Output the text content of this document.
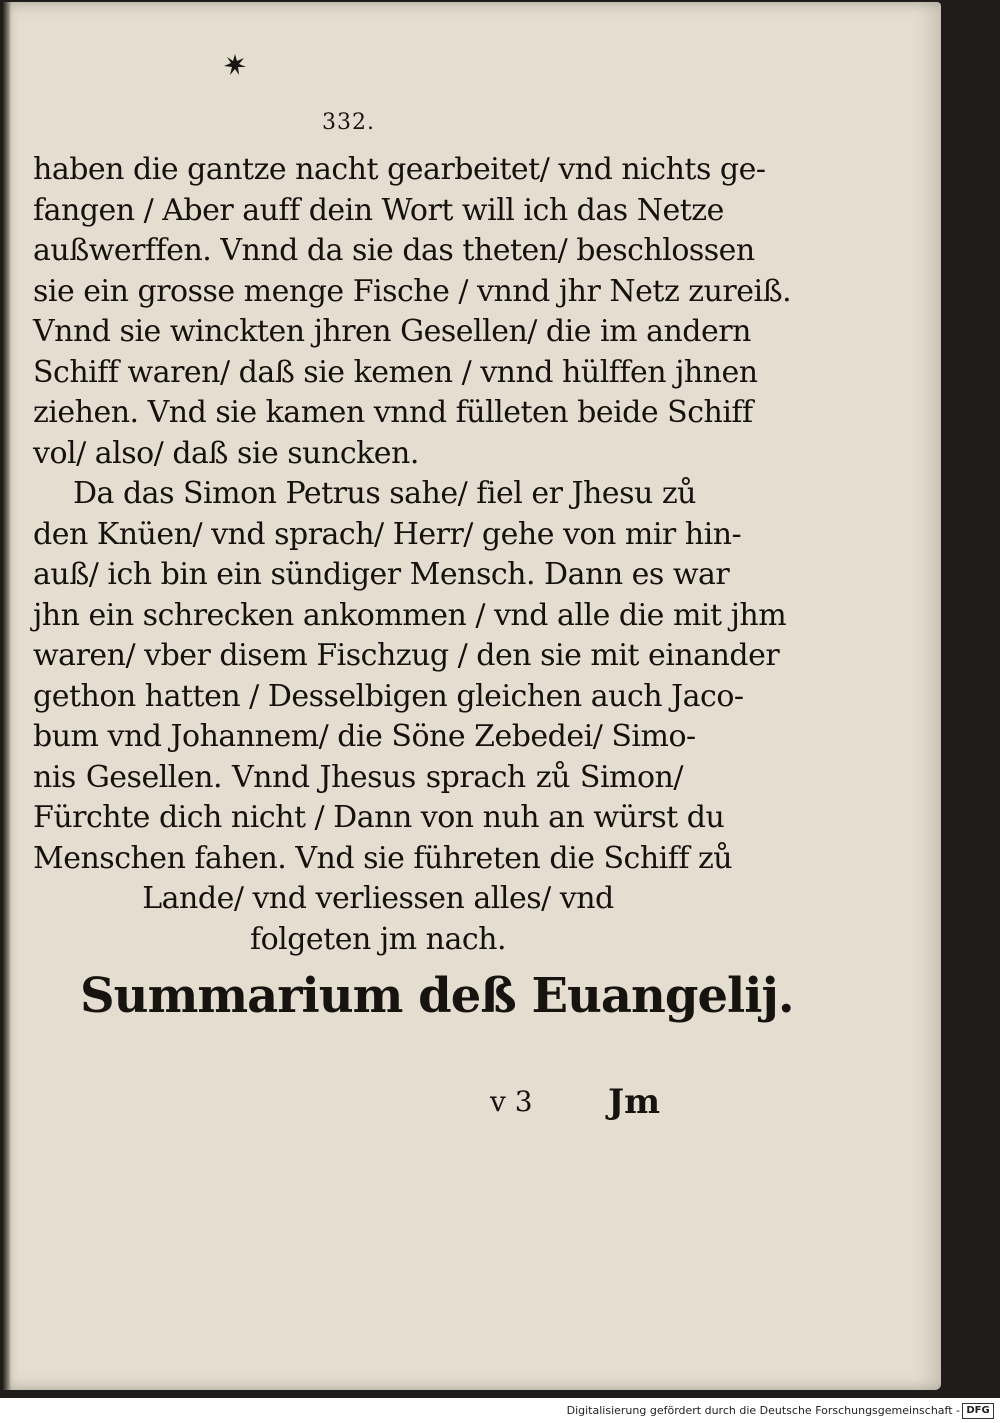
332.
haben die gantze nacht gearbeitet/ vnd nichts ge-
fangen / Aber auff dein Wort will ich das Netze
außwerffen. Vnnd da sie das theten/ beschlossen
sie ein grosse menge Fische / vnnd jhr Netz zureiß.
Vnnd sie winckten jhren Gesellen/ die im andern
Schiff waren/ daß sie kemen / vnnd hülffen jhnen
ziehen. Vnd sie kamen vnnd fülleten beide Schiff
vol/ also/ daß sie suncken.
Da das Simon Petrus sahe/ fiel er Jhesu zů
den Knüen/ vnd sprach/ Herr/ gehe von mir hin-
auß/ ich bin ein sündiger Mensch. Dann es war
jhn ein schrecken ankommen / vnd alle die mit jhm
waren/ vber disem Fischzug / den sie mit einander
gethon hatten / Desselbigen gleichen auch Jaco-
bum vnd Johannem/ die Söne Zebedei/ Simo-
nis Gesellen. Vnnd Jhesus sprach zů Simon/
Fürchte dich nicht / Dann von nuh an würst du
Menschen fahen. Vnd sie führeten die Schiff zů
Lande/ vnd verliessen alles/ vnd
folgeten jm nach.
Summarium deß Euangelij.
v 3 Jm
Digitalisierung gefördert durch die Deutsche Forschungsgemeinschaft - DFG
